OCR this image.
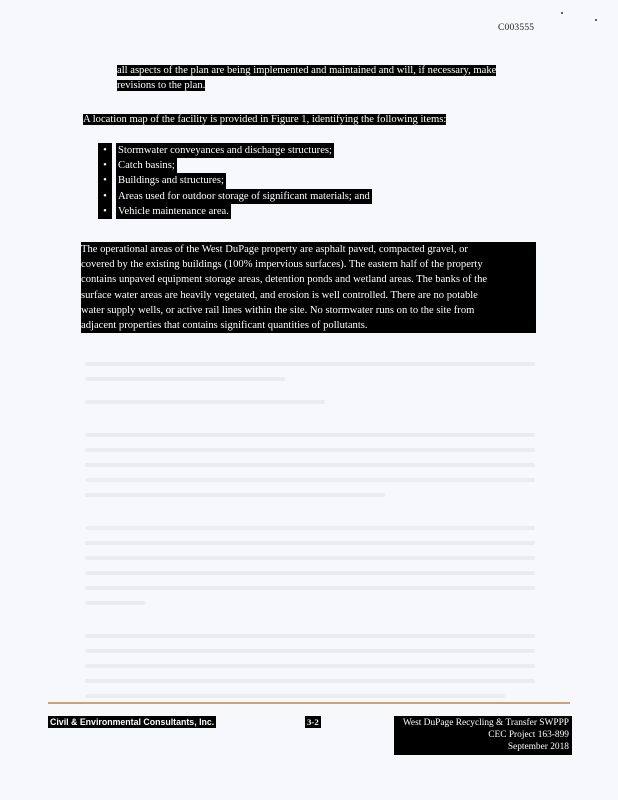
C003555
all aspects of the plan are being implemented and maintained and will, if necessary, make
revisions to the plan.
A location map of the facility is provided in Figure 1, identifying the following items:
•	Stormwater conveyances and discharge structures;
•	Catch basins;
•	Buildings and structures;
•	Areas used for outdoor storage of significant materials; and
•	Vehicle maintenance area.
The operational areas of the West DuPage property are asphalt paved, compacted gravel, or
covered by the existing buildings (100% impervious surfaces). The eastern half of the property
contains unpaved equipment storage areas, detention ponds and wetland areas. The banks of the
surface water areas are heavily vegetated, and erosion is well controlled. There are no potable
water supply wells, or active rail lines within the site. No stormwater runs on to the site from
adjacent properties that contains significant quantities of pollutants.
Civil & Environmental Consultants, Inc.	3-2	West DuPage Recycling & Transfer SWPPP
CEC Project 163-899
September 2018
